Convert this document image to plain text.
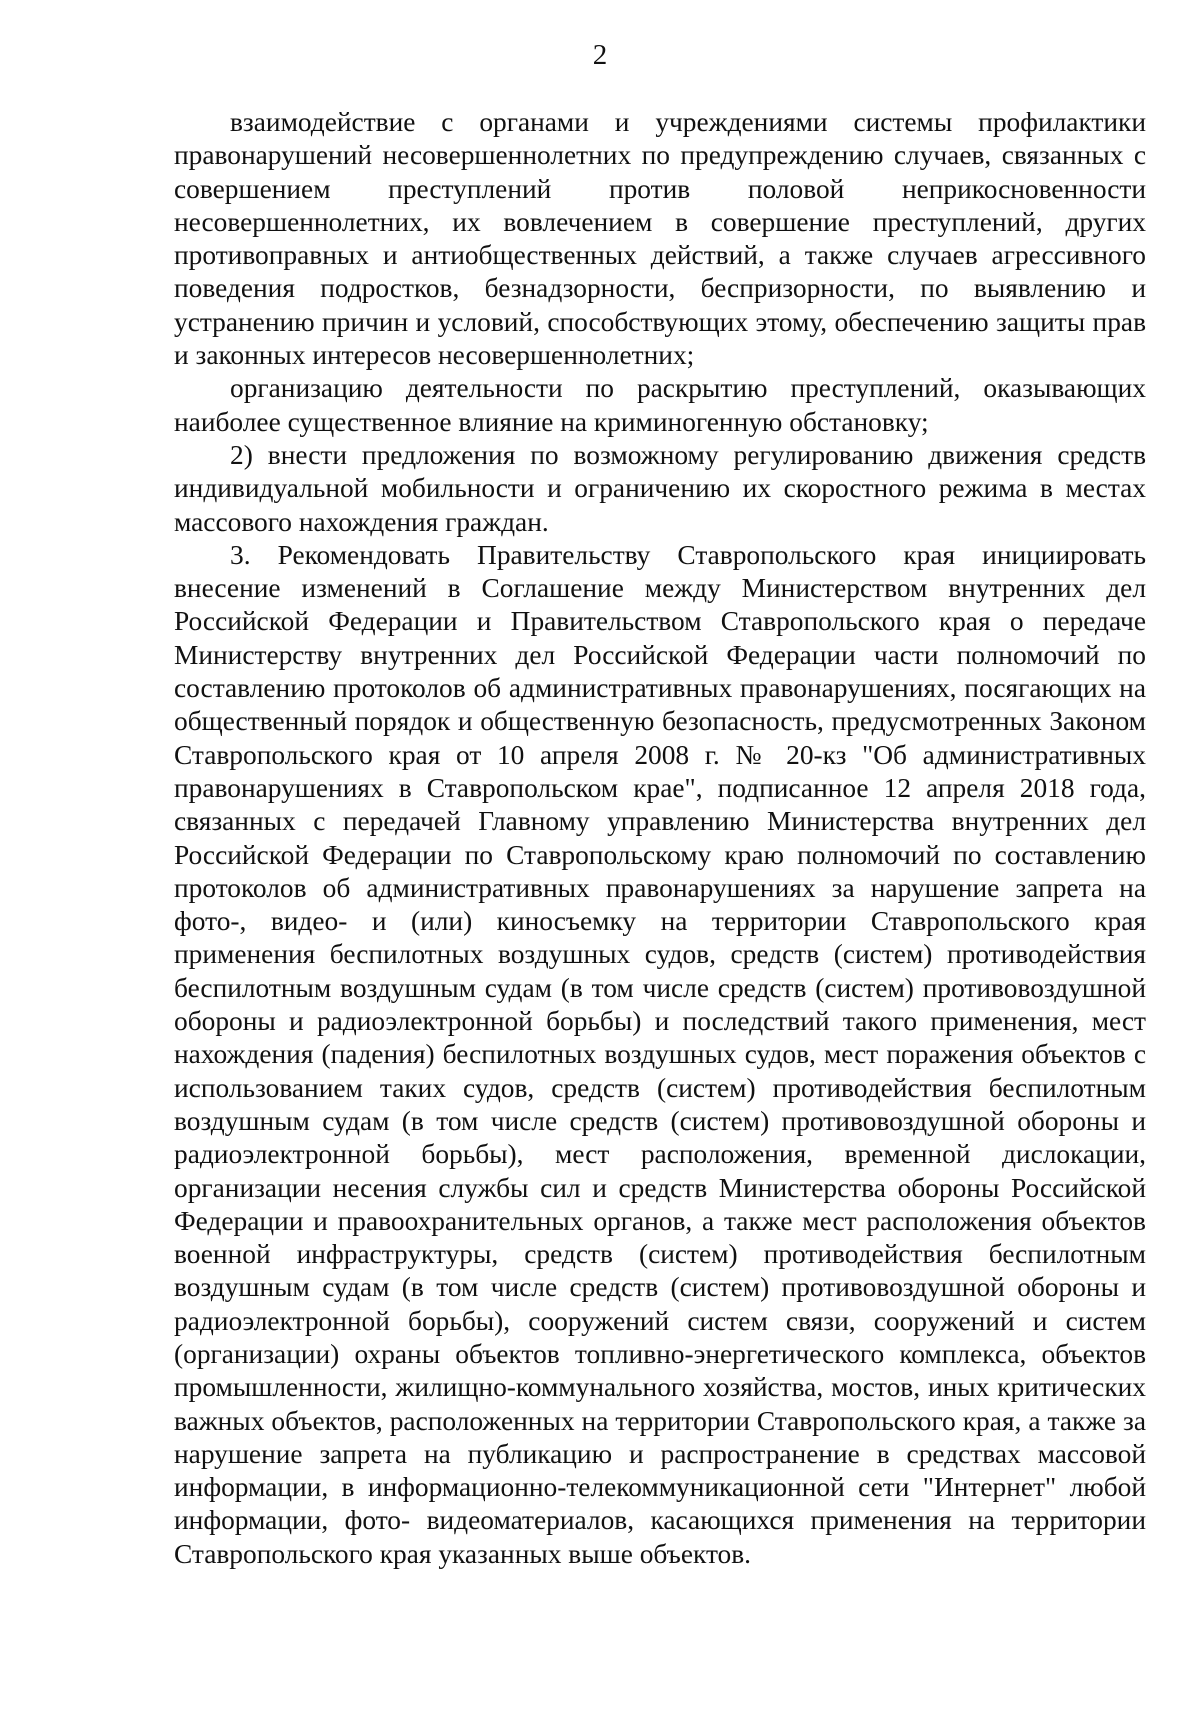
2

взаимодействие с органами и учреждениями системы профилактики правонарушений несовершеннолетних по предупреждению случаев, связанных с совершением преступлений против половой неприкосновенности несовершеннолетних, их вовлечением в совершение преступлений, других противоправных и антиобщественных действий, а также случаев агрессивного поведения подростков, безнадзорности, беспризорности, по выявлению и устранению причин и условий, способствующих этому, обеспечению защиты прав и законных интересов несовершеннолетних;

организацию деятельности по раскрытию преступлений, оказывающих наиболее существенное влияние на криминогенную обстановку;

2) внести предложения по возможному регулированию движения средств индивидуальной мобильности и ограничению их скоростного режима в местах массового нахождения граждан.

3. Рекомендовать Правительству Ставропольского края инициировать внесение изменений в Соглашение между Министерством внутренних дел Российской Федерации и Правительством Ставропольского края о передаче Министерству внутренних дел Российской Федерации части полномочий по составлению протоколов об административных правонарушениях, посягающих на общественный порядок и общественную безопасность, предусмотренных Законом Ставропольского края от 10 апреля 2008 г. № 20-кз "Об административных правонарушениях в Ставропольском крае", подписанное 12 апреля 2018 года, связанных с передачей Главному управлению Министерства внутренних дел Российской Федерации по Ставропольскому краю полномочий по составлению протоколов об административных правонарушениях за нарушение запрета на фото-, видео- и (или) киносъемку на территории Ставропольского края применения беспилотных воздушных судов, средств (систем) противодействия беспилотным воздушным судам (в том числе средств (систем) противовоздушной обороны и радиоэлектронной борьбы) и последствий такого применения, мест нахождения (падения) беспилотных воздушных судов, мест поражения объектов с использованием таких судов, средств (систем) противодействия беспилотным воздушным судам (в том числе средств (систем) противовоздушной обороны и радиоэлектронной борьбы), мест расположения, временной дислокации, организации несения службы сил и средств Министерства обороны Российской Федерации и правоохранительных органов, а также мест расположения объектов военной инфраструктуры, средств (систем) противодействия беспилотным воздушным судам (в том числе средств (систем) противовоздушной обороны и радиоэлектронной борьбы), сооружений систем связи, сооружений и систем (организации) охраны объектов топливно-энергетического комплекса, объектов промышленности, жилищно-коммунального хозяйства, мостов, иных критических важных объектов, расположенных на территории Ставропольского края, а также за нарушение запрета на публикацию и распространение в средствах массовой информации, в информационно-телекоммуникационной сети "Интернет" любой информации, фото- видеоматериалов, касающихся применения на территории Ставропольского края указанных выше объектов.
